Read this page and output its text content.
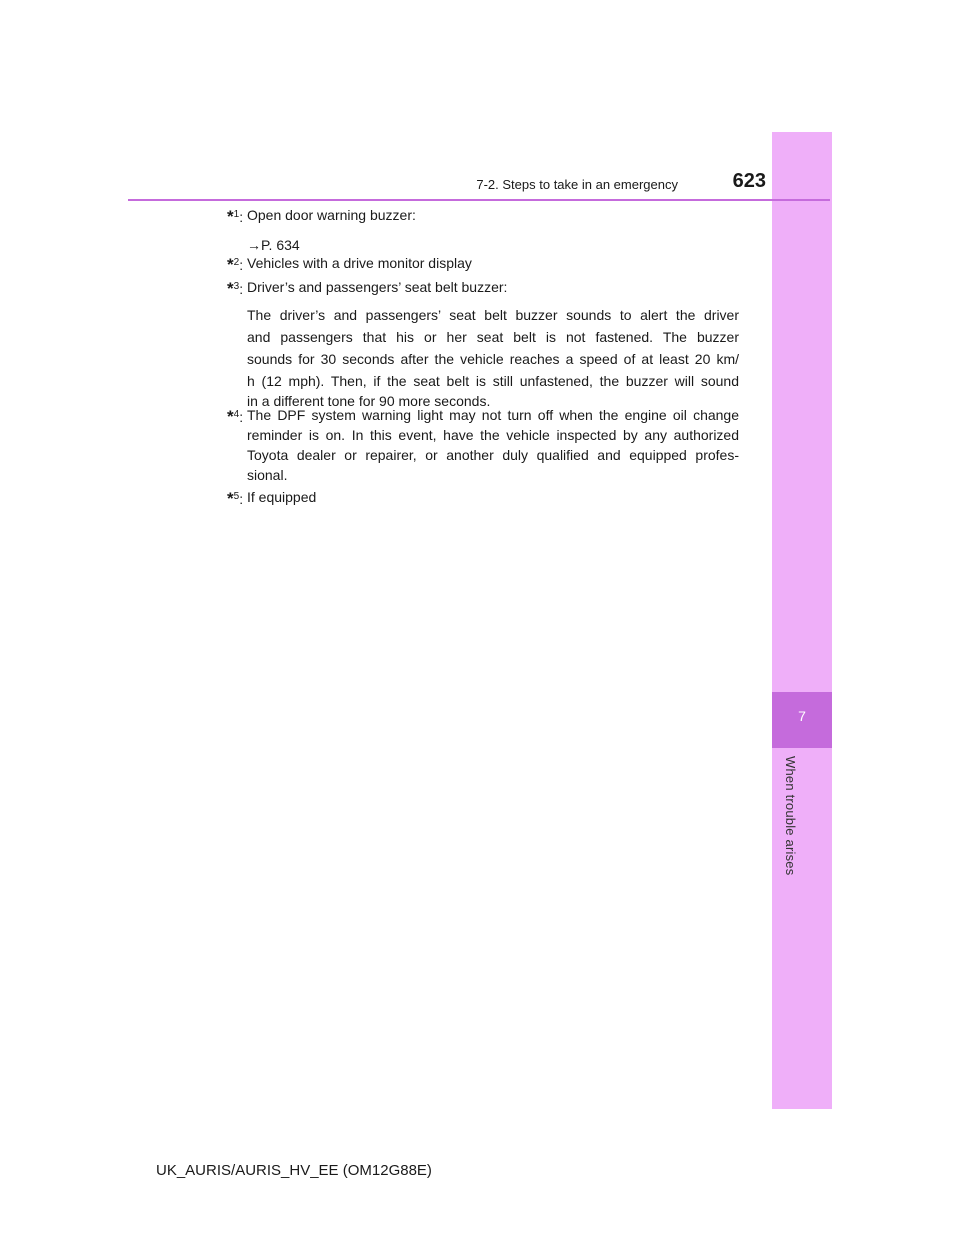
7
When trouble arises
7-2. Steps to take in an emergency	623
*$^1$: Open door warning buzzer:
→P. 634
*$^2$: Vehicles with a drive monitor display
*$^3$: Driver’s and passengers’ seat belt buzzer:
The driver’s and passengers’ seat belt buzzer sounds to alert the driver
and passengers that his or her seat belt is not fastened. The buzzer
sounds for 30 seconds after the vehicle reaches a speed of at least 20 km/
h (12 mph). Then, if the seat belt is still unfastened, the buzzer will sound
in a different tone for 90 more seconds.
*$^4$: The DPF system warning light may not turn off when the engine oil change
reminder is on. In this event, have the vehicle inspected by any authorized
Toyota dealer or repairer, or another duly qualified and equipped profes-
sional.
*$^5$: If equipped
UK_AURIS/AURIS_HV_EE (OM12G88E)
